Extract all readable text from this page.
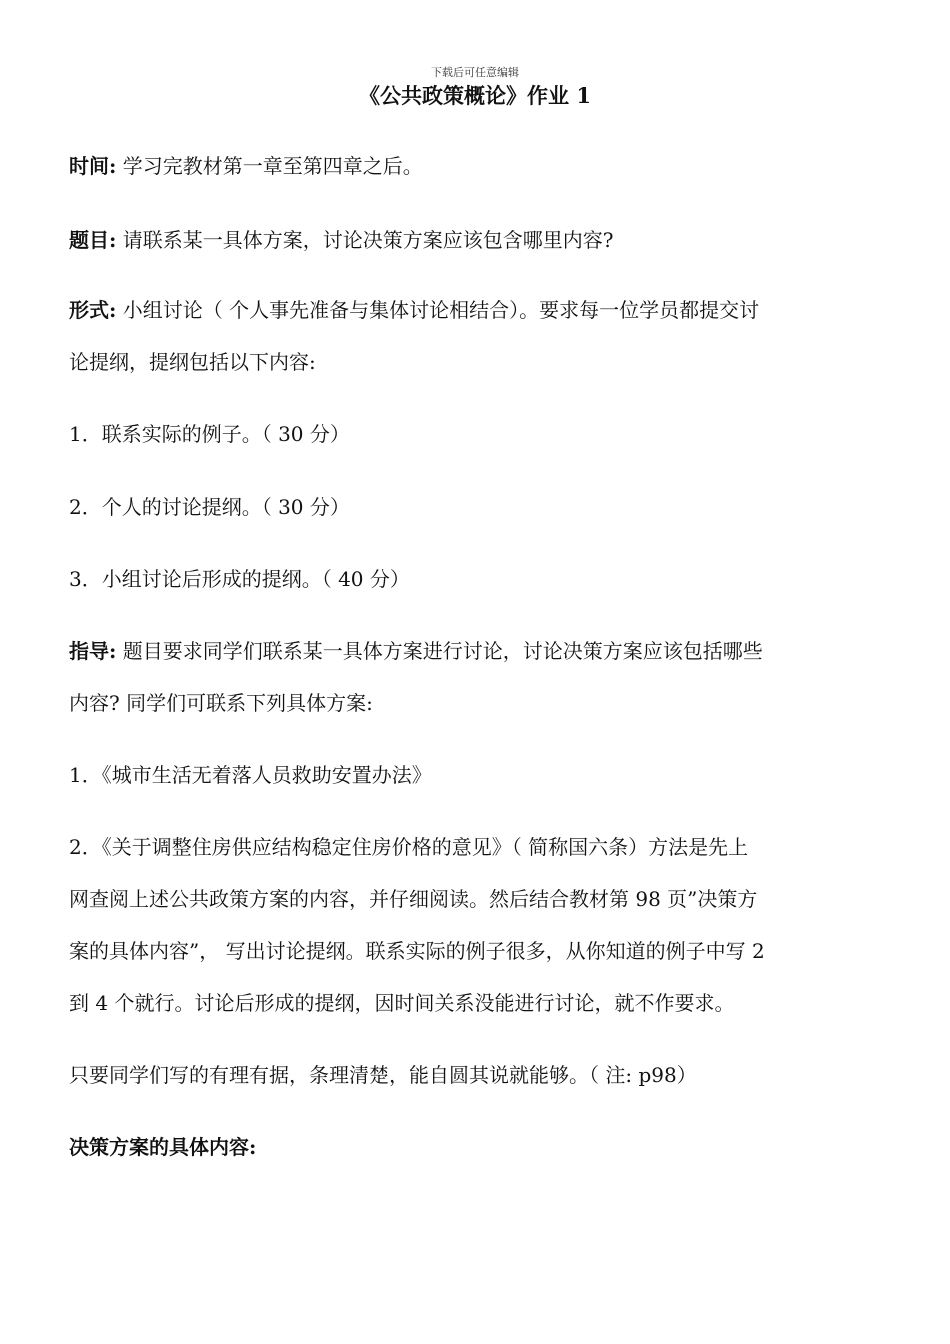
下载后可任意编辑
《公共政策概论》作业 1
时间: 学习完教材第一章至第四章之后。
题目: 请联系某一具体方案，讨论决策方案应该包含哪里内容?
形式: 小组讨论（ 个人事先准备与集体讨论相结合）。要求每一位学员都提交讨
论提纲，提纲包括以下内容:
1．联系实际的例子。（ 30 分）
2．个人的讨论提纲。（ 30 分）
3．小组讨论后形成的提纲。（ 40 分）
指导: 题目要求同学们联系某一具体方案进行讨论，讨论决策方案应该包括哪些
内容? 同学们可联系下列具体方案:
1．《城市生活无着落人员救助安置办法》
2．《关于调整住房供应结构稳定住房价格的意见》（ 简称国六条）方法是先上
网查阅上述公共政策方案的内容，并仔细阅读。然后结合教材第 98 页”决策方
案的具体内容”， 写出讨论提纲。联系实际的例子很多，从你知道的例子中写 2
到 4 个就行。讨论后形成的提纲，因时间关系没能进行讨论，就不作要求。
只要同学们写的有理有据，条理清楚，能自圆其说就能够。（ 注: p98）
决策方案的具体内容:
